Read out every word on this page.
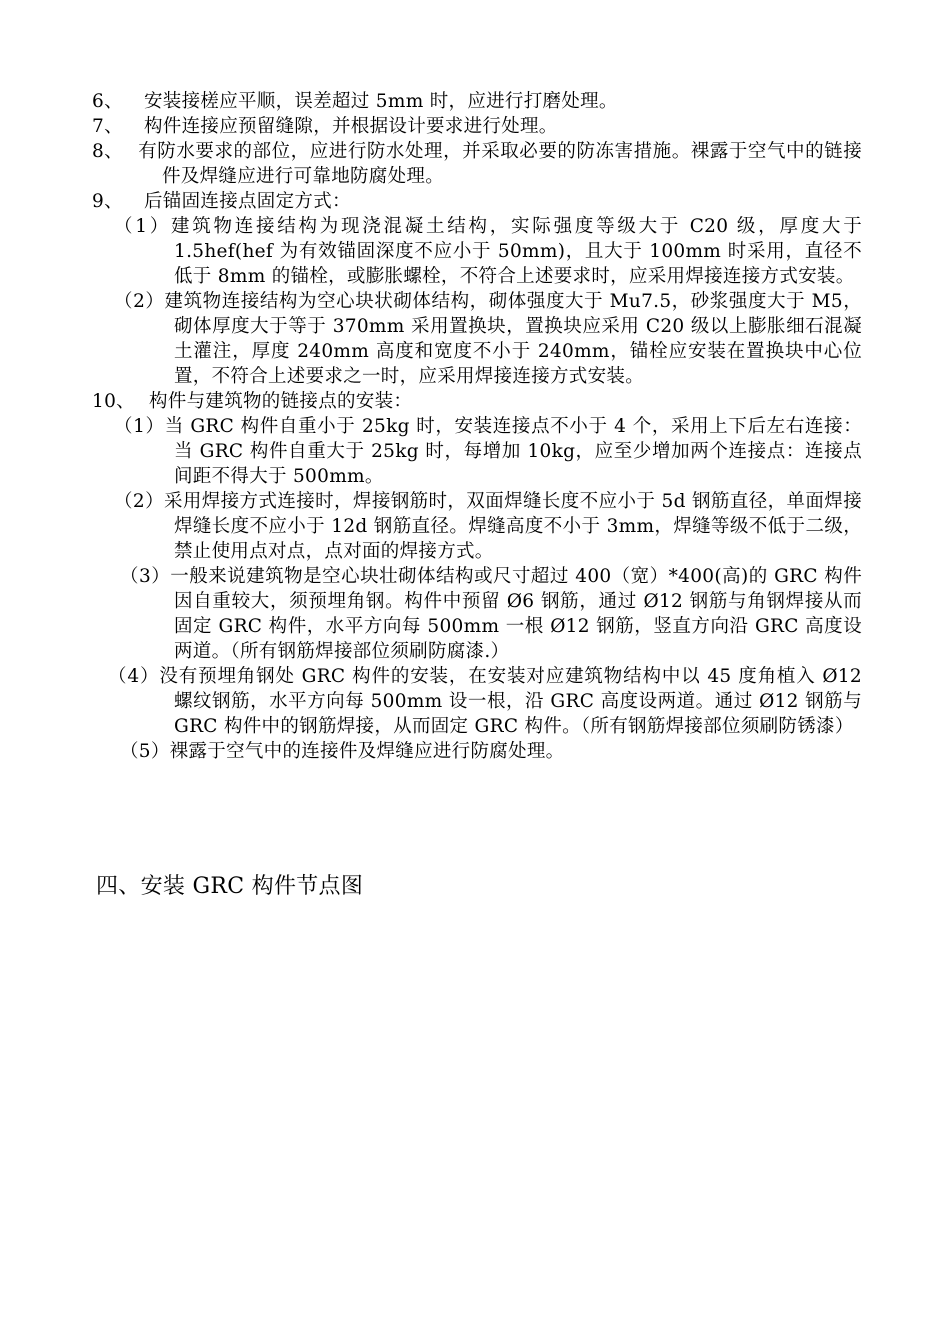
6、 安装接槎应平顺，误差超过 5mm 时，应进行打磨处理。

7、 构件连接应预留缝隙，并根据设计要求进行处理。

8、 有防水要求的部位，应进行防水处理，并采取必要的防冻害措施。裸露于空气中的链接件及焊缝应进行可靠地防腐处理。

9、 后锚固连接点固定方式：

（1）建筑物连接结构为现浇混凝土结构，实际强度等级大于 C20 级，厚度大于 1.5hef(hef 为有效锚固深度不应小于 50mm)，且大于 100mm 时采用，直径不低于 8mm 的锚栓，或膨胀螺栓，不符合上述要求时，应采用焊接连接方式安装。

（2）建筑物连接结构为空心块状砌体结构，砌体强度大于 Mu7.5，砂浆强度大于 M5，砌体厚度大于等于 370mm 采用置换块，置换块应采用 C20 级以上膨胀细石混凝土灌注，厚度 240mm 高度和宽度不小于 240mm，锚栓应安装在置换块中心位置，不符合上述要求之一时，应采用焊接连接方式安装。

10、 构件与建筑物的链接点的安装：

（1）当 GRC 构件自重小于 25kg 时，安装连接点不小于 4 个，采用上下后左右连接：当 GRC 构件自重大于 25kg 时，每增加 10kg，应至少增加两个连接点：连接点间距不得大于 500mm。

（2）采用焊接方式连接时，焊接钢筋时，双面焊缝长度不应小于 5d 钢筋直径，单面焊接焊缝长度不应小于 12d 钢筋直径。焊缝高度不小于 3mm，焊缝等级不低于二级，禁止使用点对点，点对面的焊接方式。

（3）一般来说建筑物是空心块壮砌体结构或尺寸超过 400（宽）*400(高)的 GRC 构件因自重较大，须预埋角钢。构件中预留 Ø6 钢筋，通过 Ø12 钢筋与角钢焊接从而固定 GRC 构件，水平方向每 500mm 一根 Ø12 钢筋，竖直方向沿 GRC 高度设两道。（所有钢筋焊接部位须刷防腐漆.）

（4）没有预埋角钢处 GRC 构件的安装，在安装对应建筑物结构中以 45 度角植入 Ø12 螺纹钢筋，水平方向每 500mm 设一根，沿 GRC 高度设两道。通过 Ø12 钢筋与 GRC 构件中的钢筋焊接，从而固定 GRC 构件。（所有钢筋焊接部位须刷防锈漆）

（5）裸露于空气中的连接件及焊缝应进行防腐处理。

四、安装 GRC 构件节点图
